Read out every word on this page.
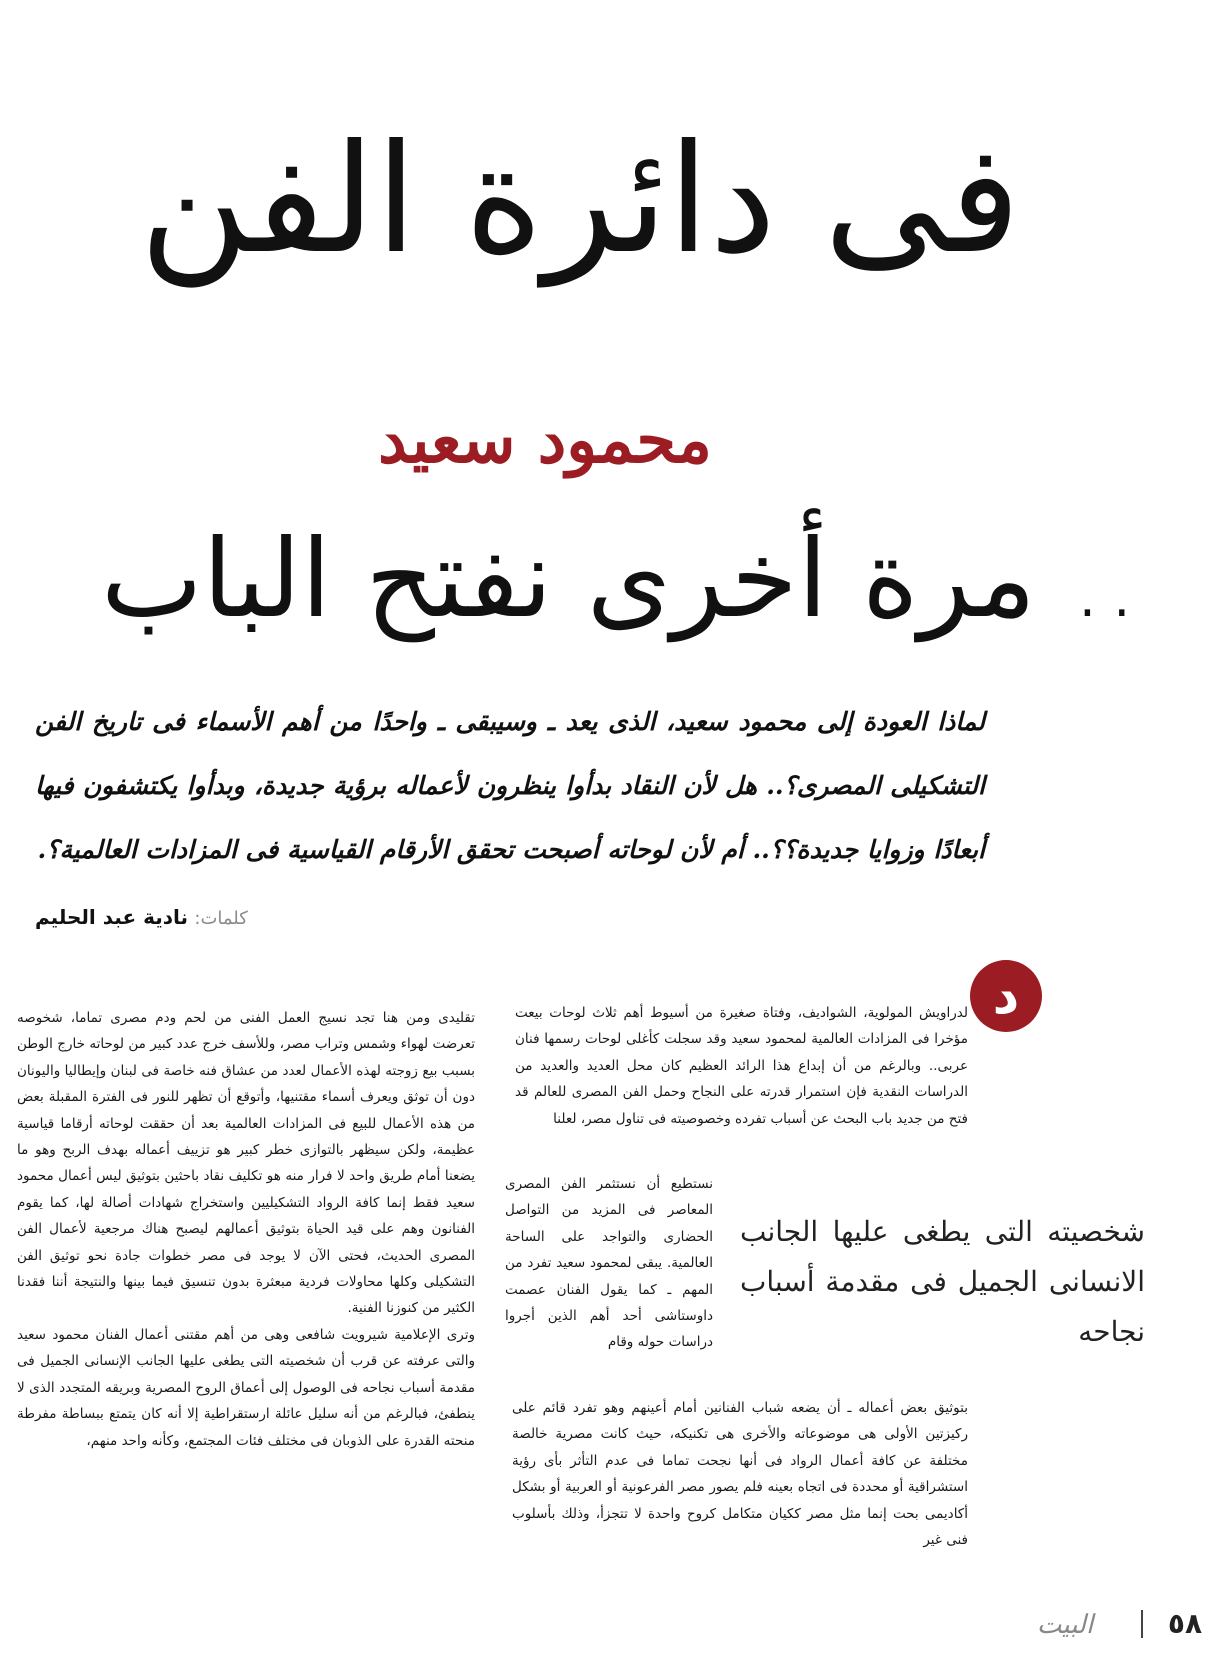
فى دائرة الفن
محمود سعيد
.. مرة أخرى نفتح الباب
لماذا العودة إلى محمود سعيد، الذى يعد ـ وسيبقى ـ واحدًا من أهم الأسماء فى تاريخ الفن التشكيلى المصرى؟.. هل لأن النقاد بدأوا ينظرون لأعماله برؤية جديدة، وبدأوا يكتشفون فيها أبعادًا وزوايا جديدة؟؟.. أم لأن لوحاته أصبحت تحقق الأرقام القياسية فى المزادات العالمية؟.
كلمات: نادية عبد الحليم
د
لدراويش المولوية، الشواديف، وفتاة صغيرة من أسيوط أهم ثلاث لوحات بيعت مؤخرا فى المزادات العالمية لمحمود سعيد وقد سجلت كأغلى لوحات رسمها فنان عربى.. وبالرغم من أن إبداع هذا الرائد العظيم كان محل العديد والعديد من الدراسات النقدية فإن استمرار قدرته على النجاح وحمل الفن المصرى للعالم قد فتح من جديد باب البحث عن أسباب تفرده وخصوصيته فى تناول مصر، لعلنا
نستطيع أن نستثمر الفن المصرى المعاصر فى المزيد من التواصل الحضارى والتواجد على الساحة العالمية. يبقى لمحمود سعيد تفرد من المهم ـ كما يقول الفنان عصمت داوستاشى أحد أهم الذين أجروا دراسات حوله وقام
شخصيته التى يطغى عليها الجانب الانسانى الجميل فى مقدمة أسباب نجاحه
بتوثيق بعض أعماله ـ أن يضعه شباب الفنانين أمام أعينهم وهو تفرد قائم على ركيزتين الأولى هى موضوعاته والأخرى هى تكنيكه، حيث كانت مصرية خالصة مختلفة عن كافة أعمال الرواد فى أنها نجحت تماما فى عدم التأثر بأى رؤية استشراقية أو محددة فى اتجاه بعينه فلم يصور مصر الفرعونية أو العربية أو بشكل أكاديمى بحت إنما مثل مصر ككيان متكامل كروح واحدة لا تتجزأ، وذلك بأسلوب فنى غير
تقليدى ومن هنا تجد نسيج العمل الفنى من لحم ودم مصرى تماما، شخوصه تعرضت لهواء وشمس وتراب مصر، وللأسف خرج عدد كبير من لوحاته خارج الوطن بسبب بيع زوجته لهذه الأعمال لعدد من عشاق فنه خاصة فى لبنان وإيطاليا واليونان دون أن توثق ويعرف أسماء مقتنيها، وأتوقع أن تظهر للنور فى الفترة المقبلة بعض من هذه الأعمال للبيع فى المزادات العالمية بعد أن حققت لوحاته أرقاما قياسية عظيمة، ولكن سيظهر بالتوازى خطر كبير هو تزييف أعماله بهدف الربح وهو ما يضعنا أمام طريق واحد لا فرار منه هو تكليف نقاد باحثين بتوثيق ليس أعمال محمود سعيد فقط إنما كافة الرواد التشكيليين واستخراج شهادات أصالة لها، كما يقوم الفنانون وهم على قيد الحياة بتوثيق أعمالهم ليصبح هناك مرجعية لأعمال الفن المصرى الحديث، فحتى الآن لا يوجد فى مصر خطوات جادة نحو توثيق الفن التشكيلى وكلها محاولات فردية مبعثرة بدون تنسيق فيما بينها والنتيجة أننا فقدنا الكثير من كنوزنا الفنية.
وترى الإعلامية شيرويت شافعى وهى من أهم مقتنى أعمال الفنان محمود سعيد والتى عرفته عن قرب أن شخصيته التى يطغى عليها الجانب الإنسانى الجميل فى مقدمة أسباب نجاحه فى الوصول إلى أعماق الروح المصرية وبريقه المتجدد الذى لا ينطفئ، فبالرغم من أنه سليل عائلة ارستقراطية إلا أنه كان يتمتع ببساطة مفرطة منحته القدرة على الذوبان فى مختلف فئات المجتمع، وكأنه واحد منهم،
البيت	٥٨
